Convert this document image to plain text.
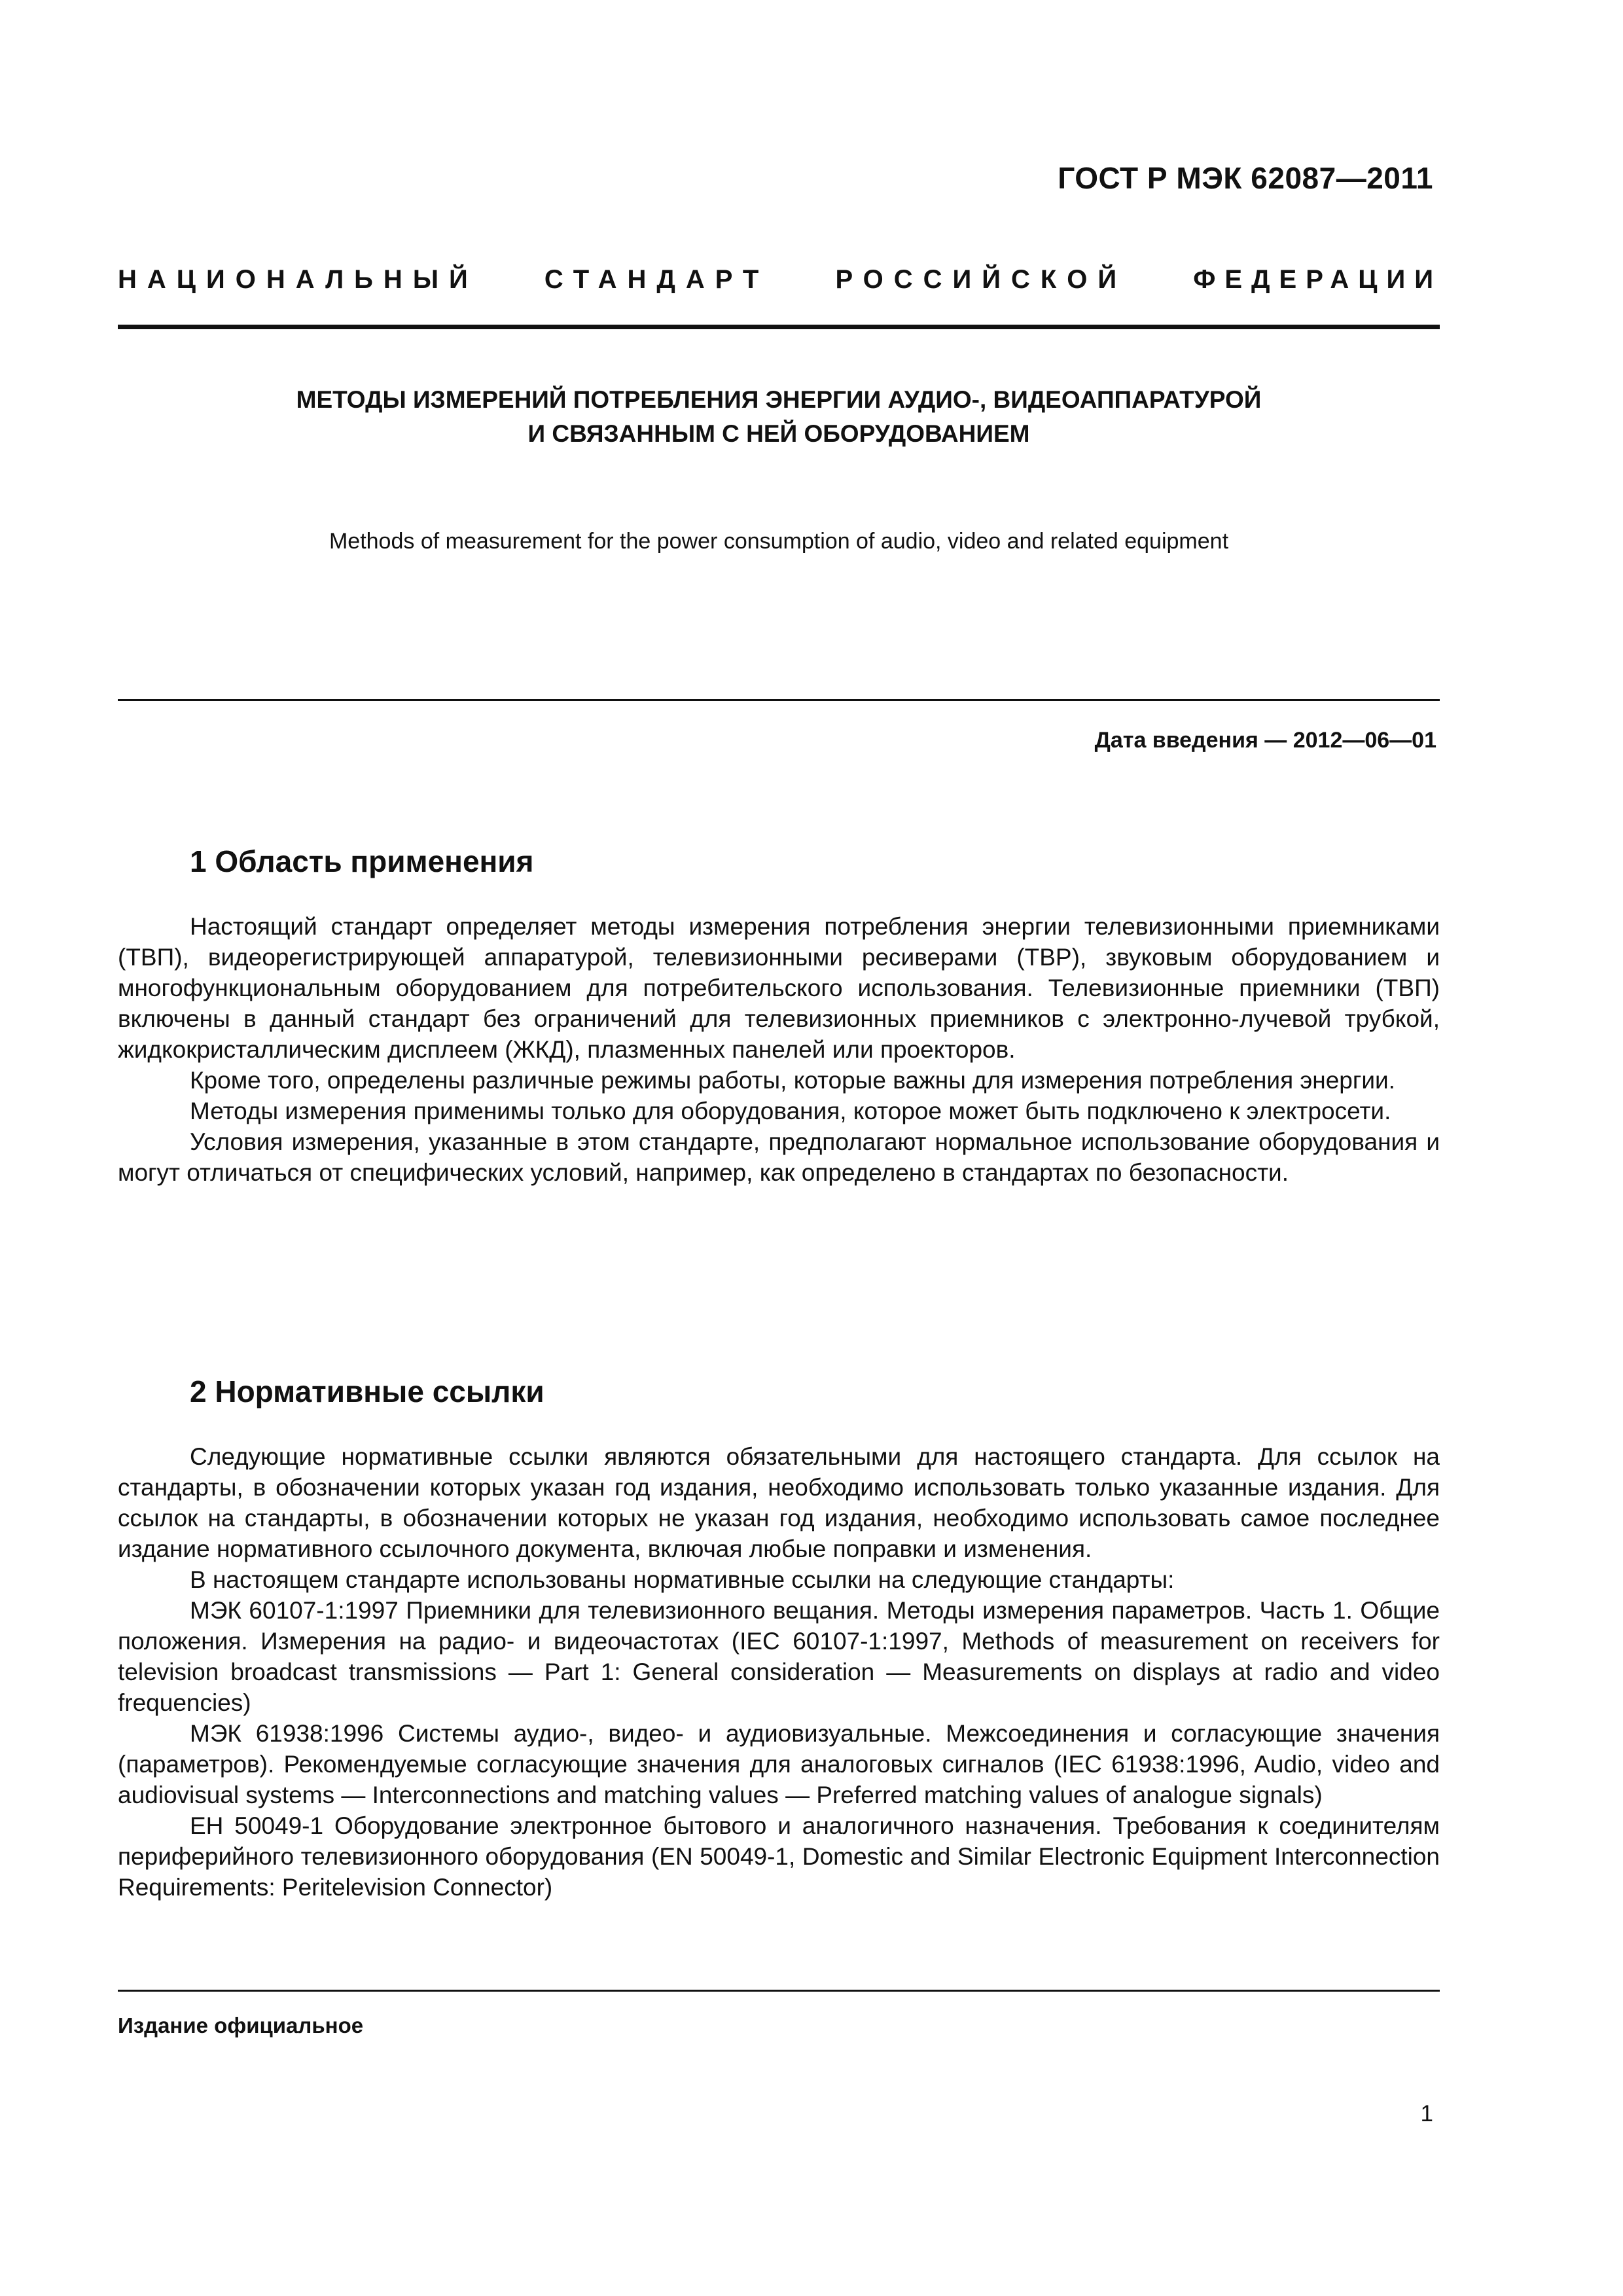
ГОСТ Р МЭК 62087—2011
НАЦИОНАЛЬНЫЙ	СТАНДАРТ	РОССИЙСКОЙ	ФЕДЕРАЦИИ
МЕТОДЫ ИЗМЕРЕНИЙ ПОТРЕБЛЕНИЯ ЭНЕРГИИ АУДИО-, ВИДЕОАППАРАТУРОЙ
И СВЯЗАННЫМ С НЕЙ ОБОРУДОВАНИЕМ
Methods of measurement for the power consumption of audio, video and related equipment
Дата введения — 2012—06—01
1 Область применения

Настоящий стандарт определяет методы измерения потребления энергии телевизионными приемниками (ТВП), видеорегистрирующей аппаратурой, телевизионными ресиверами (ТВР), звуковым оборудованием и многофункциональным оборудованием для потребительского использования. Телевизионные приемники (ТВП) включены в данный стандарт без ограничений для телевизионных приемников с электронно-лучевой трубкой, жидкокристаллическим дисплеем (ЖКД), плазменных панелей или проекторов.

Кроме того, определены различные режимы работы, которые важны для измерения потребления энергии.

Методы измерения применимы только для оборудования, которое может быть подключено к электросети.

Условия измерения, указанные в этом стандарте, предполагают нормальное использование оборудования и могут отличаться от специфических условий, например, как определено в стандартах по безопасности.

2 Нормативные ссылки

Следующие нормативные ссылки являются обязательными для настоящего стандарта. Для ссылок на стандарты, в обозначении которых указан год издания, необходимо использовать только указанные издания. Для ссылок на стандарты, в обозначении которых не указан год издания, необходимо использовать самое последнее издание нормативного ссылочного документа, включая любые поправки и изменения.

В настоящем стандарте использованы нормативные ссылки на следующие стандарты:

МЭК 60107-1:1997 Приемники для телевизионного вещания. Методы измерения параметров. Часть 1. Общие положения. Измерения на радио- и видеочастотах (IEC 60107-1:1997, Methods of measurement on receivers for television broadcast transmissions — Part 1: General consideration — Measurements on displays at radio and video frequencies)

МЭК 61938:1996 Системы аудио-, видео- и аудиовизуальные. Межсоединения и согласующие значения (параметров). Рекомендуемые согласующие значения для аналоговых сигналов (IEC 61938:1996, Audio, video and audiovisual systems — Interconnections and matching values — Preferred matching values of analogue signals)

ЕН 50049-1 Оборудование электронное бытового и аналогичного назначения. Требования к соединителям периферийного телевизионного оборудования (EN 50049-1, Domestic and Similar Electronic Equipment Interconnection Requirements: Peritelevision Connector)

Издание официальное
1
